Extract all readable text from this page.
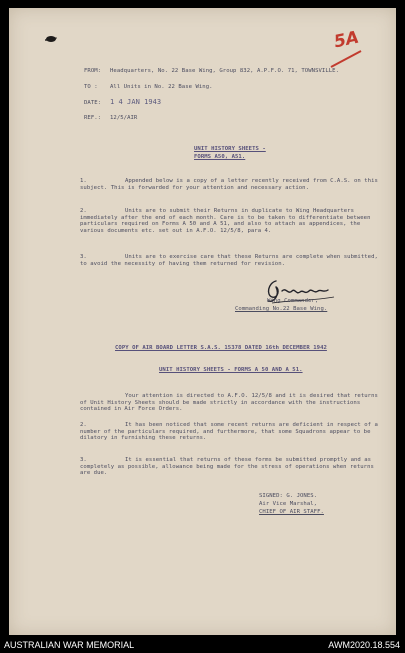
5A
FROM: Headquarters, No. 22 Base Wing, Group 832, A.P.F.O. 71, TOWNSVILLE.
TO : All Units in No. 22 Base Wing.
DATE: 1 4 JAN 1943
REF.: 12/5/AIR
UNIT HISTORY SHEETS -
FORMS A50, A51.
1.	Appended below is a copy of a letter recently received from C.A.S. on this subject. This is forwarded for your attention and necessary action.
2.	Units are to submit their Returns in duplicate to Wing Headquarters immediately after the end of each month. Care is to be taken to differentiate between particulars required on Forms A 50 and A 51, and also to attach as appendices, the various documents etc. set out in A.F.O. 12/5/8, para 4.
3.	Units are to exercise care that these Returns are complete when submitted, to avoid the necessity of having them returned for revision.
Wing Commander,
Commanding No.22 Base Wing.
COPY OF AIR BOARD LETTER S.A.S. 15378 DATED 16th DECEMBER 1942
UNIT HISTORY SHEETS - FORMS A 50 AND A 51.
Your attention is directed to A.F.O. 12/5/8 and it is desired that returns of Unit History Sheets should be made strictly in accordance with the instructions contained in Air Force Orders.
2.	It has been noticed that some recent returns are deficient in respect of a number of the particulars required, and furthermore, that some Squadrons appear to be dilatory in furnishing these returns.
3.	It is essential that returns of these forms be submitted promptly and as completely as possible, allowance being made for the stress of operations when returns are due.
SIGNED: G. JONES.
Air Vice Marshal,
CHIEF OF AIR STAFF.
AUSTRALIAN WAR MEMORIAL	AWM2020.18.554
